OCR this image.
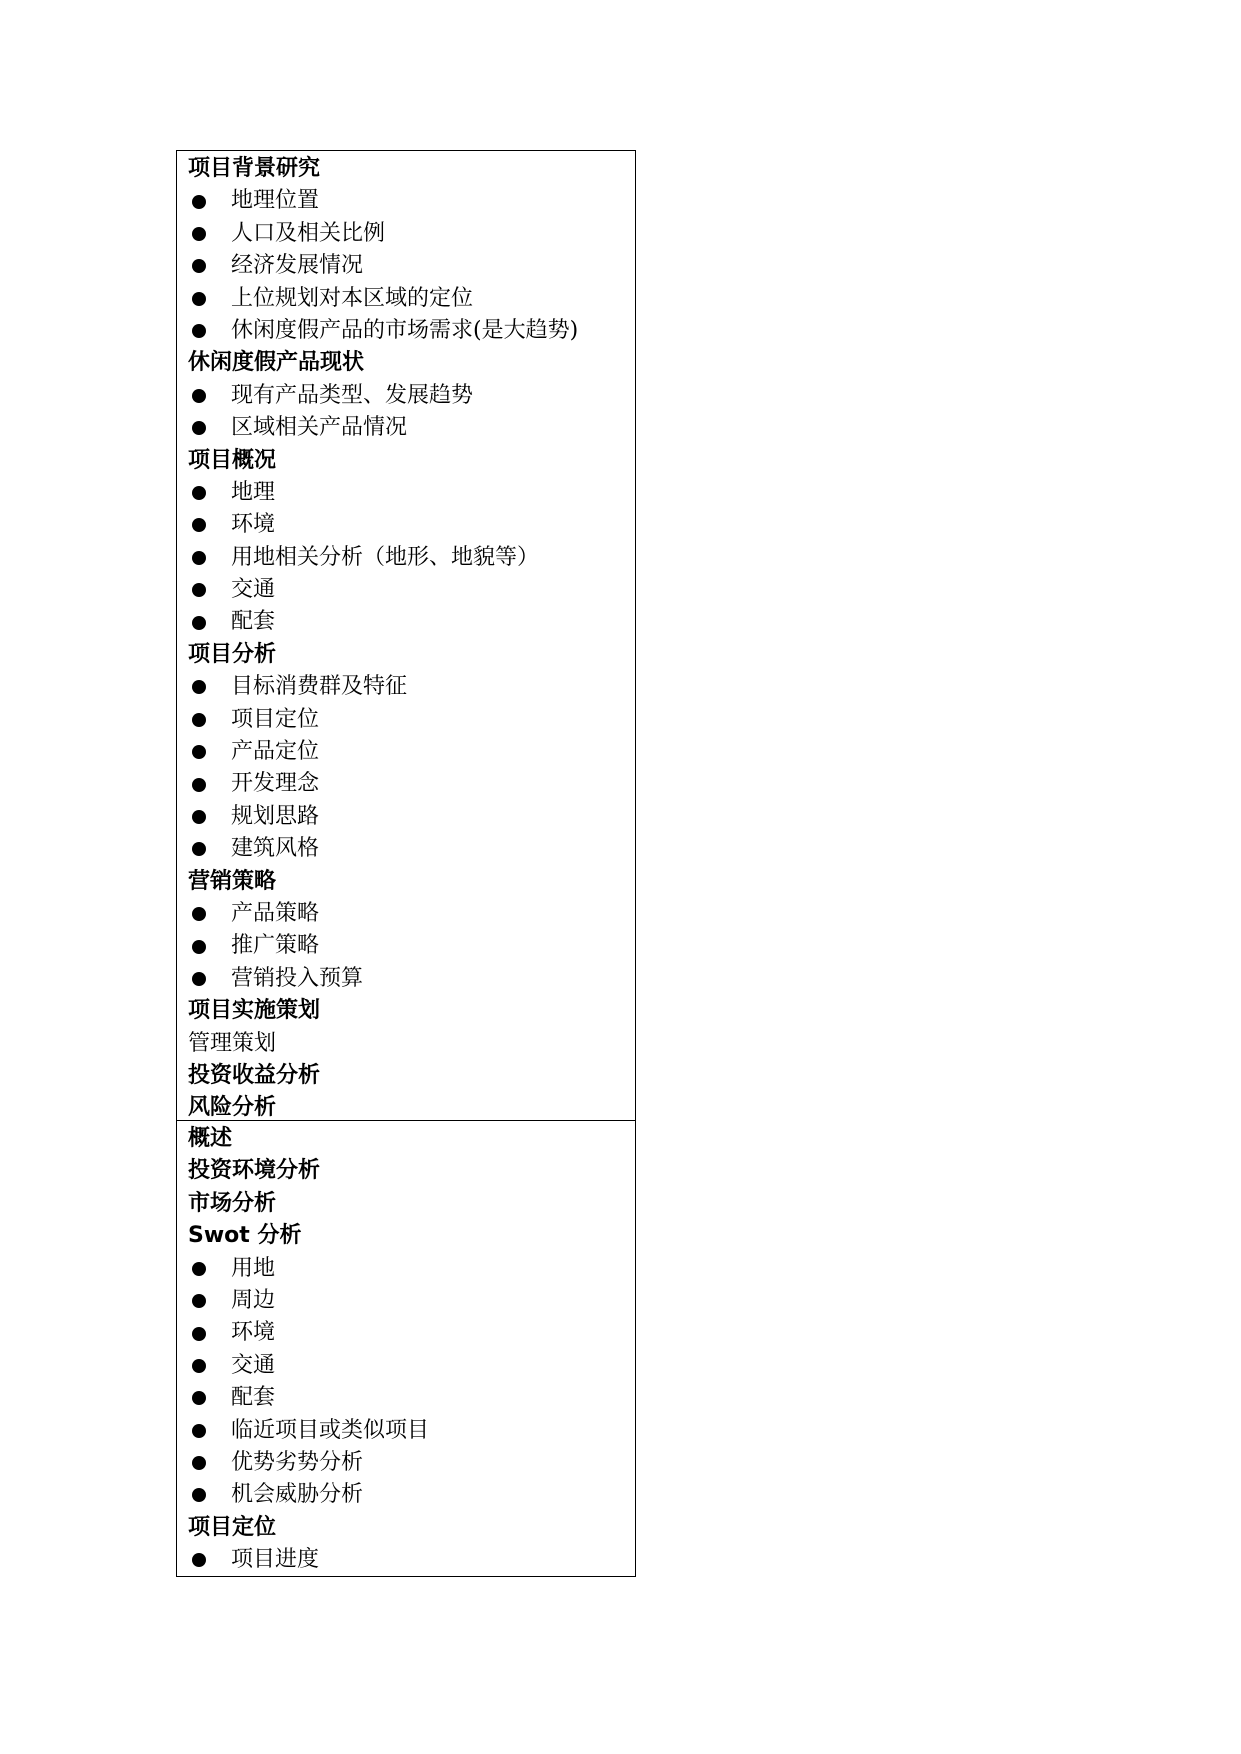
项目背景研究
地理位置
人口及相关比例
经济发展情况
上位规划对本区域的定位
休闲度假产品的市场需求(是大趋势)
休闲度假产品现状
现有产品类型、发展趋势
区域相关产品情况
项目概况
地理
环境
用地相关分析（地形、地貌等）
交通
配套
项目分析
目标消费群及特征
项目定位
产品定位
开发理念
规划思路
建筑风格
营销策略
产品策略
推广策略
营销投入预算
项目实施策划
管理策划
投资收益分析
风险分析
概述
投资环境分析
市场分析
Swot 分析
用地
周边
环境
交通
配套
临近项目或类似项目
优势劣势分析
机会威胁分析
项目定位
项目进度
